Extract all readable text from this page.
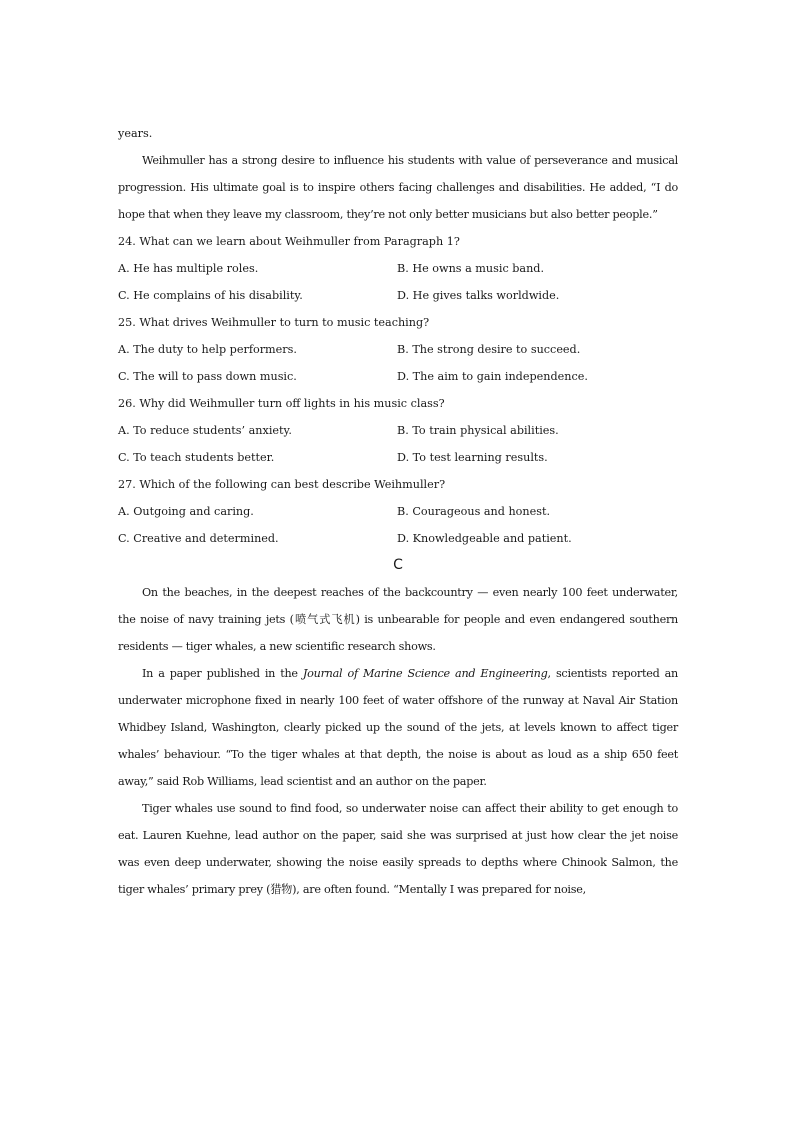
years.

Weihmuller has a strong desire to influence his students with value of perseverance and musical progression. His ultimate goal is to inspire others facing challenges and disabilities. He added, “I do hope that when they leave my classroom, they’re not only better musicians but also better people.”

24. What can we learn about Weihmuller from Paragraph 1?

A. He has multiple roles.	B. He owns a music band.
C. He complains of his disability.	D. He gives talks worldwide.

25. What drives Weihmuller to turn to music teaching?

A. The duty to help performers.	B. The strong desire to succeed.
C. The will to pass down music.	D. The aim to gain independence.

26. Why did Weihmuller turn off lights in his music class?

A. To reduce students’ anxiety.	B. To train physical abilities.
C. To teach students better.	D. To test learning results.

27. Which of the following can best describe Weihmuller?

A. Outgoing and caring.	B. Courageous and honest.
C. Creative and determined.	D. Knowledgeable and patient.
C

On the beaches, in the deepest reaches of the backcountry — even nearly 100 feet underwater, the noise of navy training jets (喷气式飞机) is unbearable for people and even endangered southern residents — tiger whales, a new scientific research shows.

In a paper published in the Journal of Marine Science and Engineering, scientists reported an underwater microphone fixed in nearly 100 feet of water offshore of the runway at Naval Air Station Whidbey Island, Washington, clearly picked up the sound of the jets, at levels known to affect tiger whales’ behaviour. “To the tiger whales at that depth, the noise is about as loud as a ship 650 feet away,” said Rob Williams, lead scientist and an author on the paper.

Tiger whales use sound to find food, so underwater noise can affect their ability to get enough to eat. Lauren Kuehne, lead author on the paper, said she was surprised at just how clear the jet noise was even deep underwater, showing the noise easily spreads to depths where Chinook Salmon, the tiger whales’ primary prey (猎物), are often found. “Mentally I was prepared for noise,
